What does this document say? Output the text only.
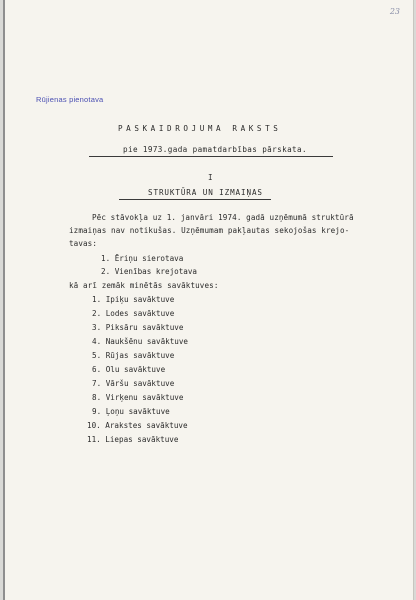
23
Rūjienas pienotava
PASKAIDROJUMA RAKSTS
pie 1973.gada pamatdarbības pārskata.
I
STRUKTŪRA UN IZMAIŅAS
Pēc stāvokļa uz 1. janvāri 1974. gadā uzņēmumā struktūrā
izmaiņas nav notikušas. Uzņēmumam pakļautas sekojošas krejo-
tavas:
1. Ēriņu sierotava
2. Vienības krejotava
kā arī zemāk minētās savāktuves:
1. Ipiķu savāktuve
2. Lodes savāktuve
3. Piksāru savāktuve
4. Naukšēnu savāktuve
5. Rūjas savāktuve
6. Olu savāktuve
7. Vāršu savāktuve
8. Virķenu savāktuve
9. Ļoņu savāktuve
10. Arakstes savāktuve
11. Liepas savāktuve
